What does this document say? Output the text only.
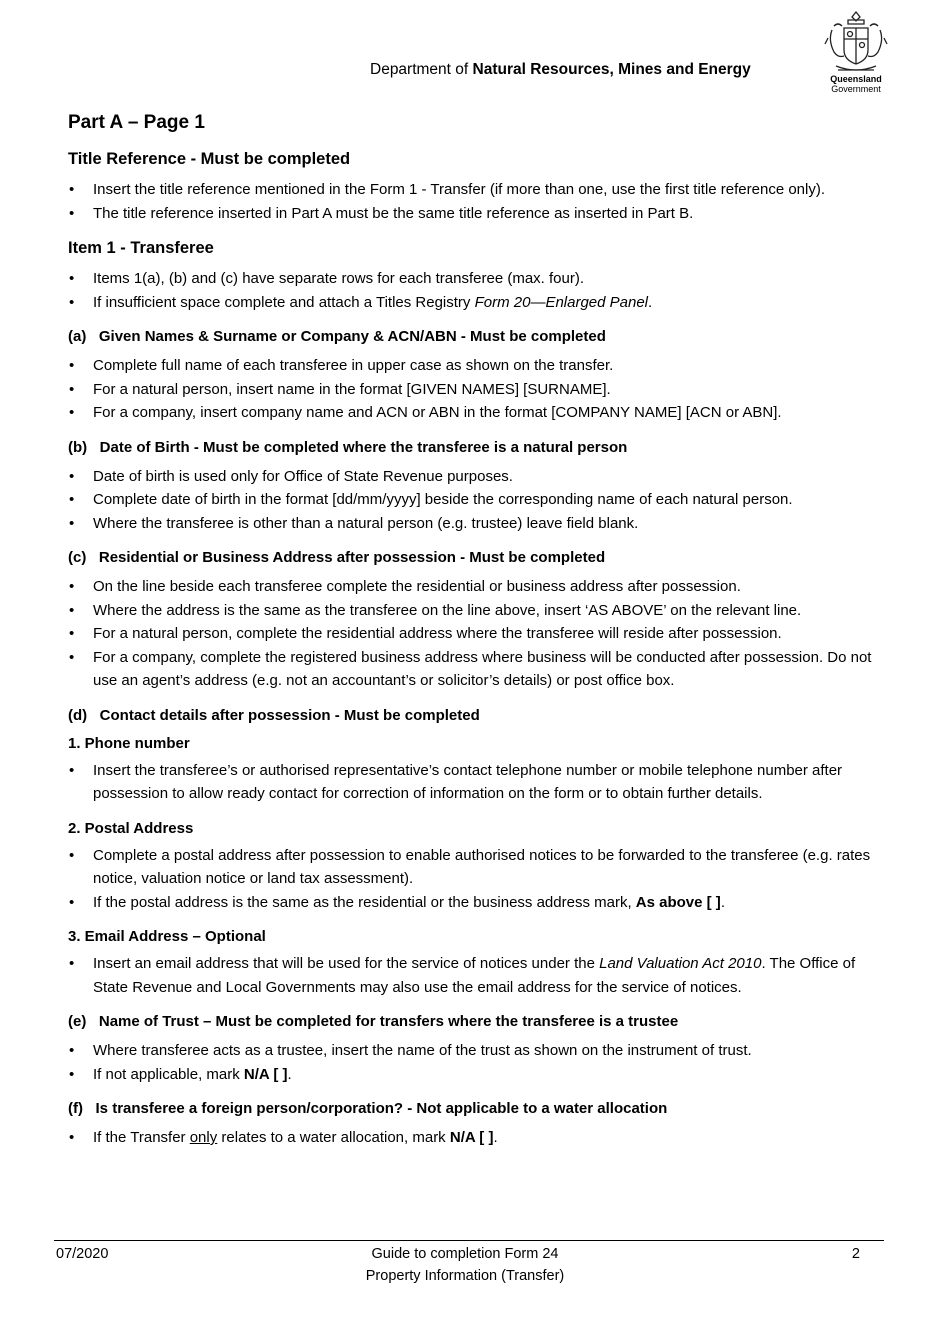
Department of Natural Resources, Mines and Energy
Queensland
Government
Part A – Page 1
Title Reference - Must be completed
• Insert the title reference mentioned in the Form 1 - Transfer (if more than one, use the first title reference only).
• The title reference inserted in Part A must be the same title reference as inserted in Part B.
Item 1 - Transferee
• Items 1(a), (b) and (c) have separate rows for each transferee (max. four).
• If insufficient space complete and attach a Titles Registry Form 20—Enlarged Panel.
(a) Given Names & Surname or Company & ACN/ABN - Must be completed
• Complete full name of each transferee in upper case as shown on the transfer.
• For a natural person, insert name in the format [GIVEN NAMES] [SURNAME].
• For a company, insert company name and ACN or ABN in the format [COMPANY NAME] [ACN or ABN].
(b) Date of Birth - Must be completed where the transferee is a natural person
• Date of birth is used only for Office of State Revenue purposes.
• Complete date of birth in the format [dd/mm/yyyy] beside the corresponding name of each natural person.
• Where the transferee is other than a natural person (e.g. trustee) leave field blank.
(c) Residential or Business Address after possession - Must be completed
• On the line beside each transferee complete the residential or business address after possession.
• Where the address is the same as the transferee on the line above, insert ‘AS ABOVE’ on the relevant line.
• For a natural person, complete the residential address where the transferee will reside after possession.
• For a company, complete the registered business address where business will be conducted after possession. Do not use an agent’s address (e.g. not an accountant’s or solicitor’s details) or post office box.
(d) Contact details after possession - Must be completed
1. Phone number
• Insert the transferee’s or authorised representative’s contact telephone number or mobile telephone number after possession to allow ready contact for correction of information on the form or to obtain further details.
2. Postal Address
• Complete a postal address after possession to enable authorised notices to be forwarded to the transferee (e.g. rates notice, valuation notice or land tax assessment).
• If the postal address is the same as the residential or the business address mark, As above [ ].
3. Email Address – Optional
• Insert an email address that will be used for the service of notices under the Land Valuation Act 2010. The Office of State Revenue and Local Governments may also use the email address for the service of notices.
(e) Name of Trust – Must be completed for transfers where the transferee is a trustee
• Where transferee acts as a trustee, insert the name of the trust as shown on the instrument of trust.
• If not applicable, mark N/A [ ].
(f) Is transferee a foreign person/corporation? - Not applicable to a water allocation
• If the Transfer only relates to a water allocation, mark N/A [ ].
07/2020	Guide to completion Form 24
Property Information (Transfer)
2
